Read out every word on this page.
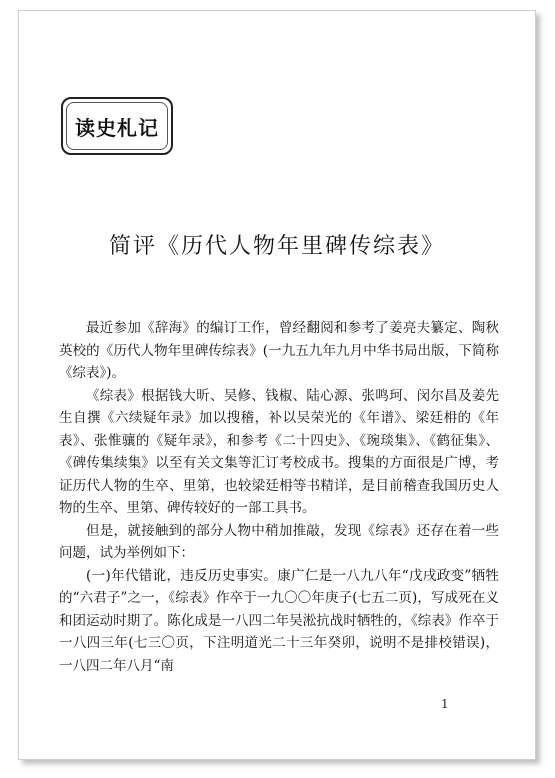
读史札记
简评《历代人物年里碑传综表》

最近参加《辞海》的编订工作，曾经翻阅和参考了姜亮夫纂定、陶秋英校的《历代人物年里碑传综表》(一九五九年九月中华书局出版，下简称《综表》)。

《综表》根据钱大昕、吴修、钱椒、陆心源、张鸣珂、闵尔昌及姜先生自撰《六续疑年录》加以搜稽，补以吴荣光的《年谱》、梁廷枏的《年表》、张惟骧的《疑年录》，和参考《二十四史》、《琬琰集》、《鹤征集》、《碑传集续集》以至有关文集等汇订考校成书。搜集的方面很是广博，考证历代人物的生卒、里第，也较梁廷枏等书精详，是目前稽查我国历史人物的生卒、里第、碑传较好的一部工具书。

但是，就接触到的部分人物中稍加推敲，发现《综表》还存在着一些问题，试为举例如下：

(一)年代错讹，违反历史事实。康广仁是一八九八年“戊戌政变”牺牲的“六君子”之一，《综表》作卒于一九〇〇年庚子(七五二页)，写成死在义和团运动时期了。陈化成是一八四二年吴淞抗战时牺牲的，《综表》作卒于一八四三年(七三〇页，下注明道光二十三年癸卯，说明不是排校错误)，一八四二年八月“南

1
